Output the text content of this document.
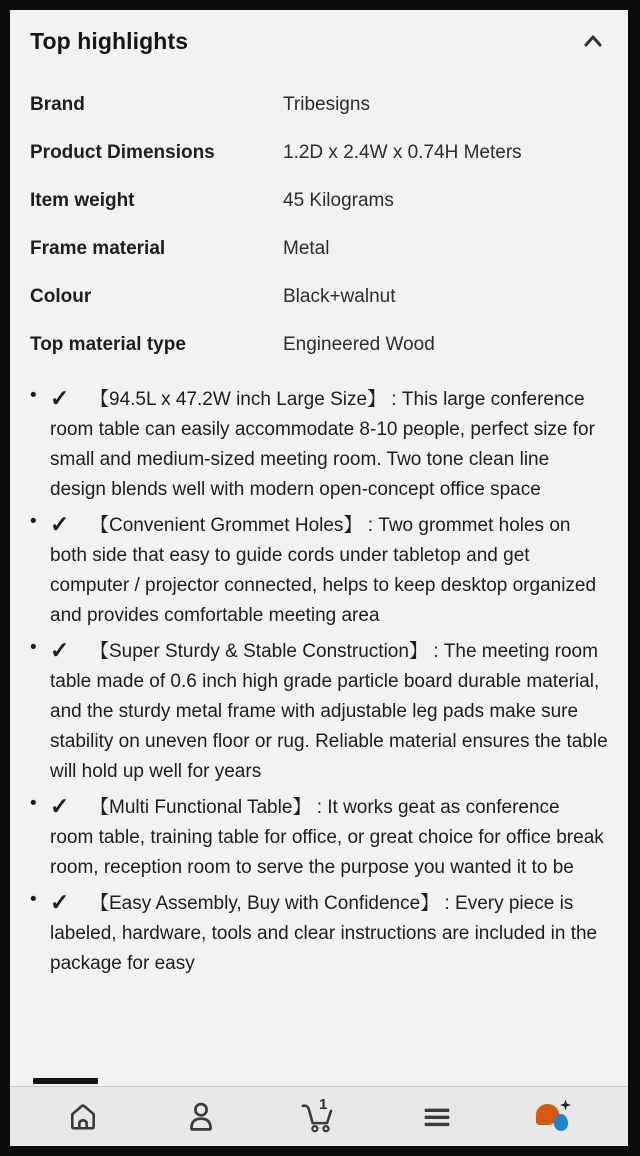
Top highlights
Brand	Tribesigns
Product Dimensions	1.2D x 2.4W x 0.74H Meters
Item weight	45 Kilograms
Frame material	Metal
Colour	Black+walnut
Top material type	Engineered Wood
• ✓ 【94.5L x 47.2W inch Large Size】 : This large conference room table can easily accommodate 8-10 people, perfect size for small and medium-sized meeting room. Two tone clean line design blends well with modern open-concept office space
• ✓ 【Convenient Grommet Holes】 : Two grommet holes on both side that easy to guide cords under tabletop and get computer / projector connected, helps to keep desktop organized and provides comfortable meeting area
• ✓ 【Super Sturdy & Stable Construction】 : The meeting room table made of 0.6 inch high grade particle board durable material, and the sturdy metal frame with adjustable leg pads make sure stability on uneven floor or rug. Reliable material ensures the table will hold up well for years
• ✓ 【Multi Functional Table】 : It works geat as conference room table, training table for office, or great choice for office break room, reception room to serve the purpose you wanted it to be
• ✓ 【Easy Assembly, Buy with Confidence】 : Every piece is labeled, hardware, tools and clear instructions are included in the package for easy
1
